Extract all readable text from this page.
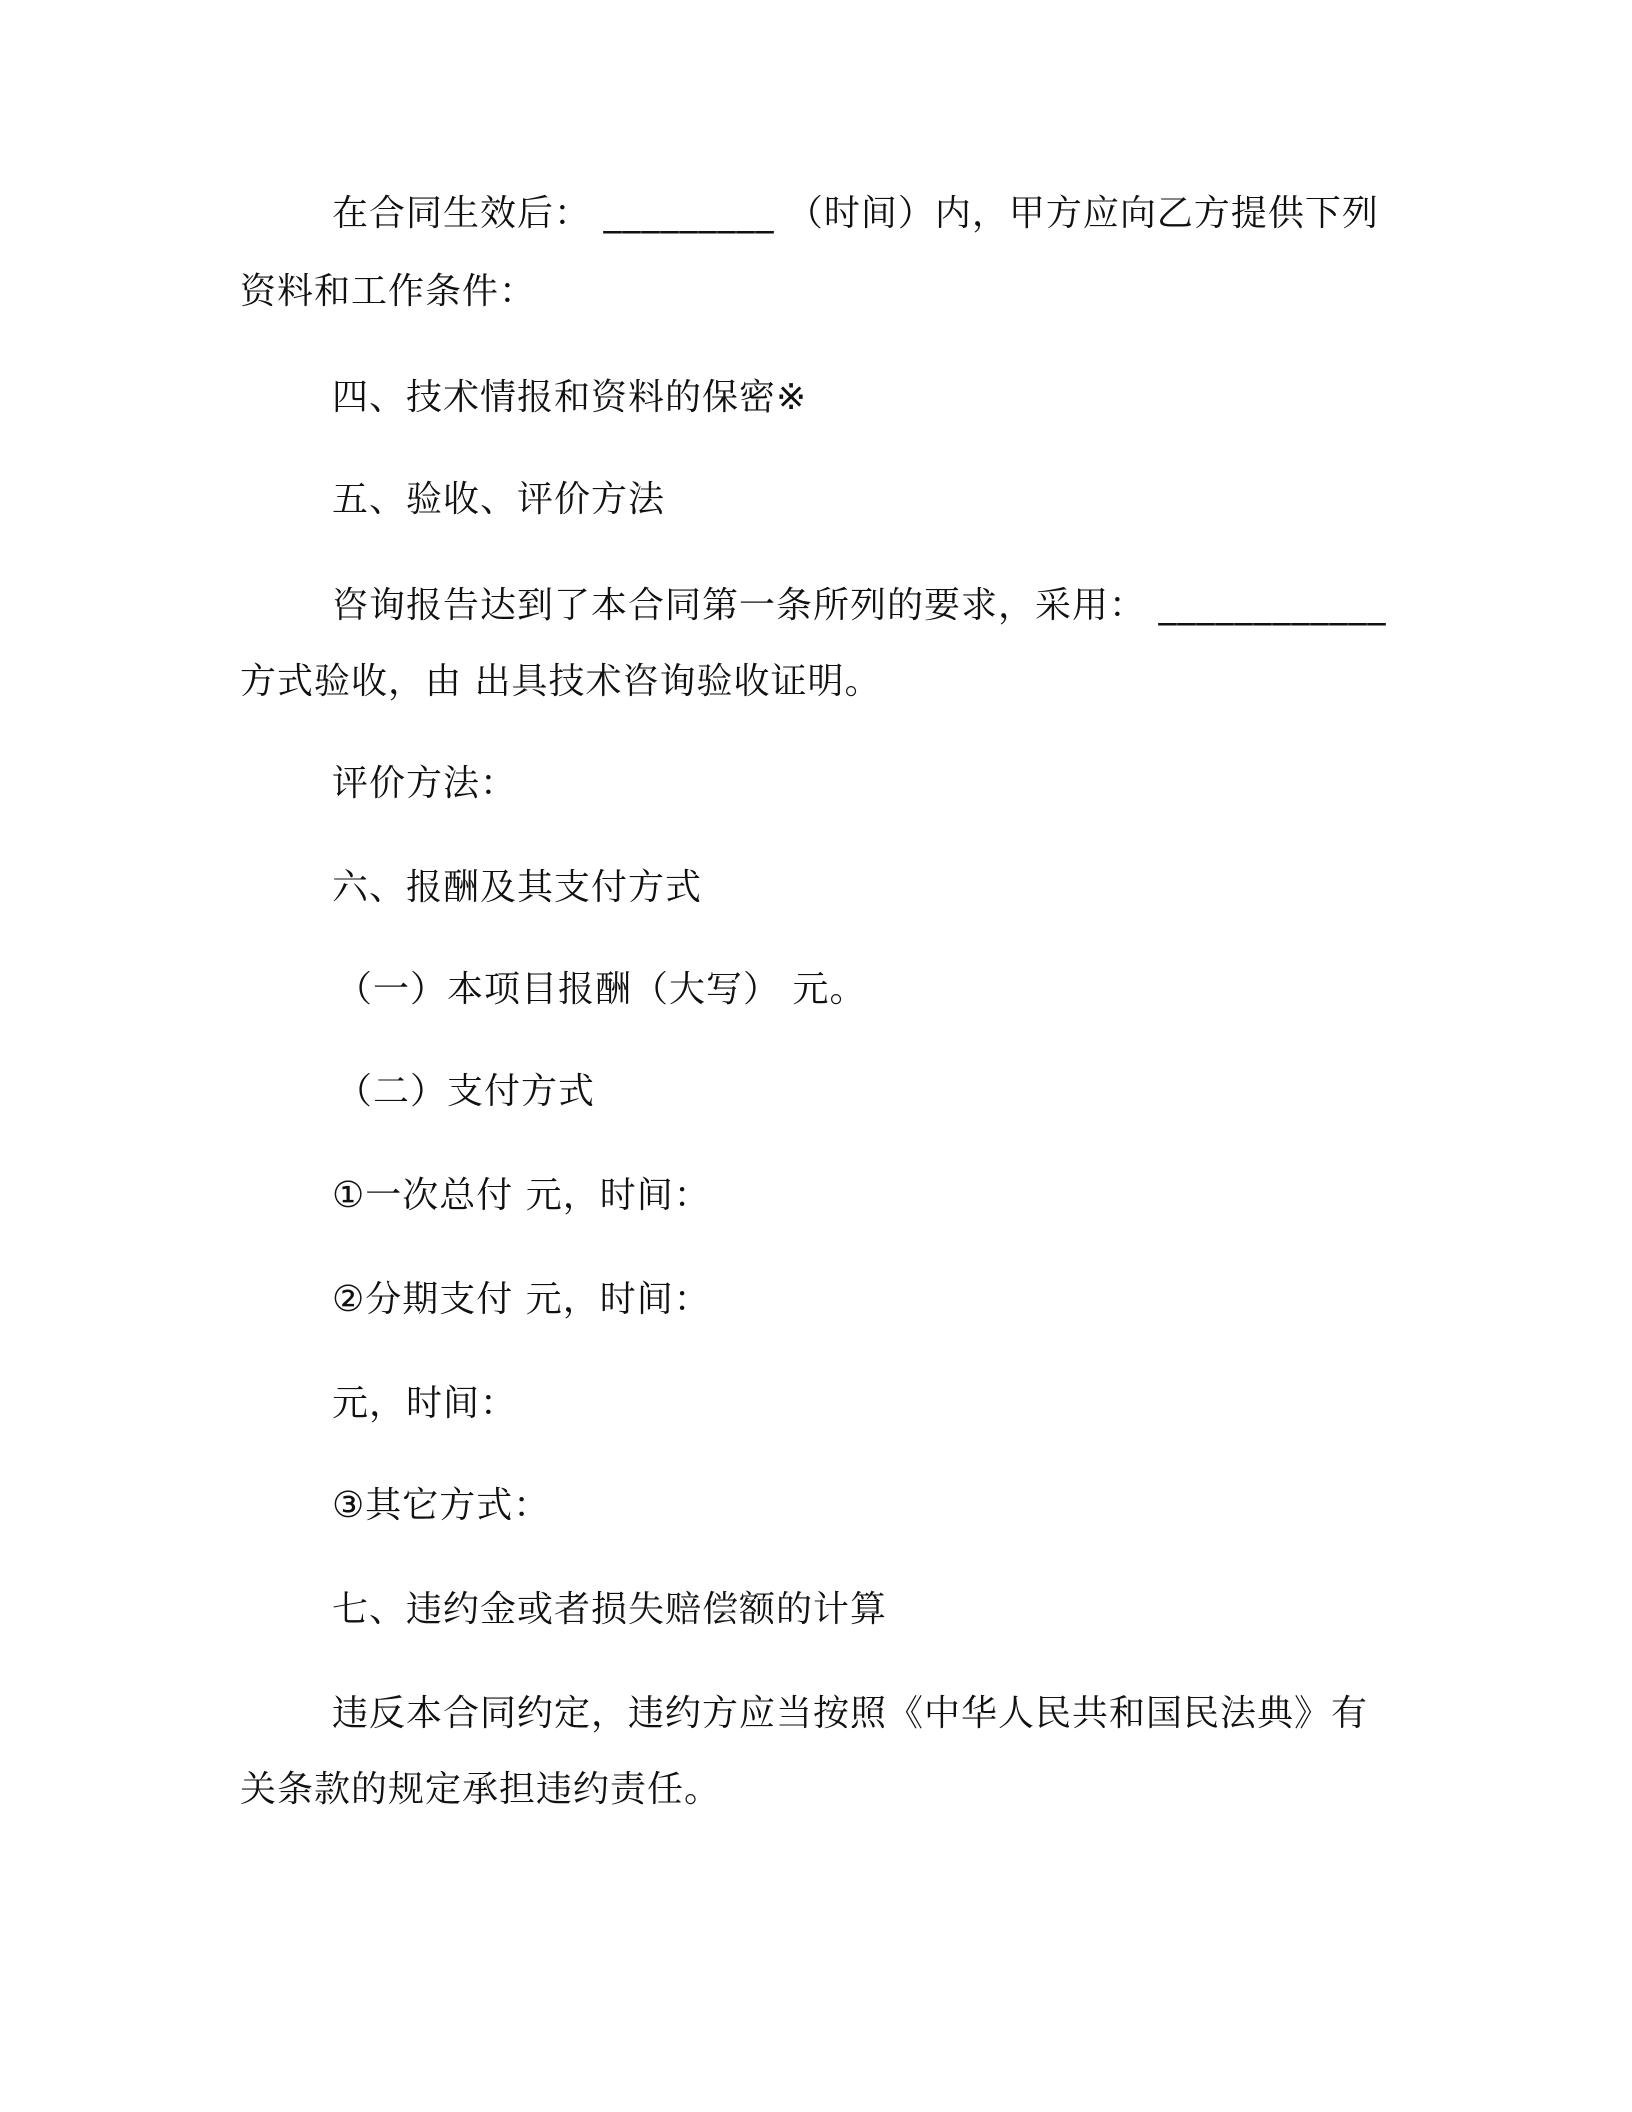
在合同生效后： _________ （时间）内，甲方应向乙方提供下列
资料和工作条件：
四、技术情报和资料的保密※
五、验收、评价方法
咨询报告达到了本合同第一条所列的要求，采用： ____________
方式验收，由 出具技术咨询验收证明。
评价方法：
六、报酬及其支付方式
（一）本项目报酬（大写） 元。
（二）支付方式
①一次总付 元，时间：
②分期支付 元，时间：
元，时间：
③其它方式：
七、违约金或者损失赔偿额的计算
违反本合同约定，违约方应当按照《中华人民共和国民法典》有
关条款的规定承担违约责任。
